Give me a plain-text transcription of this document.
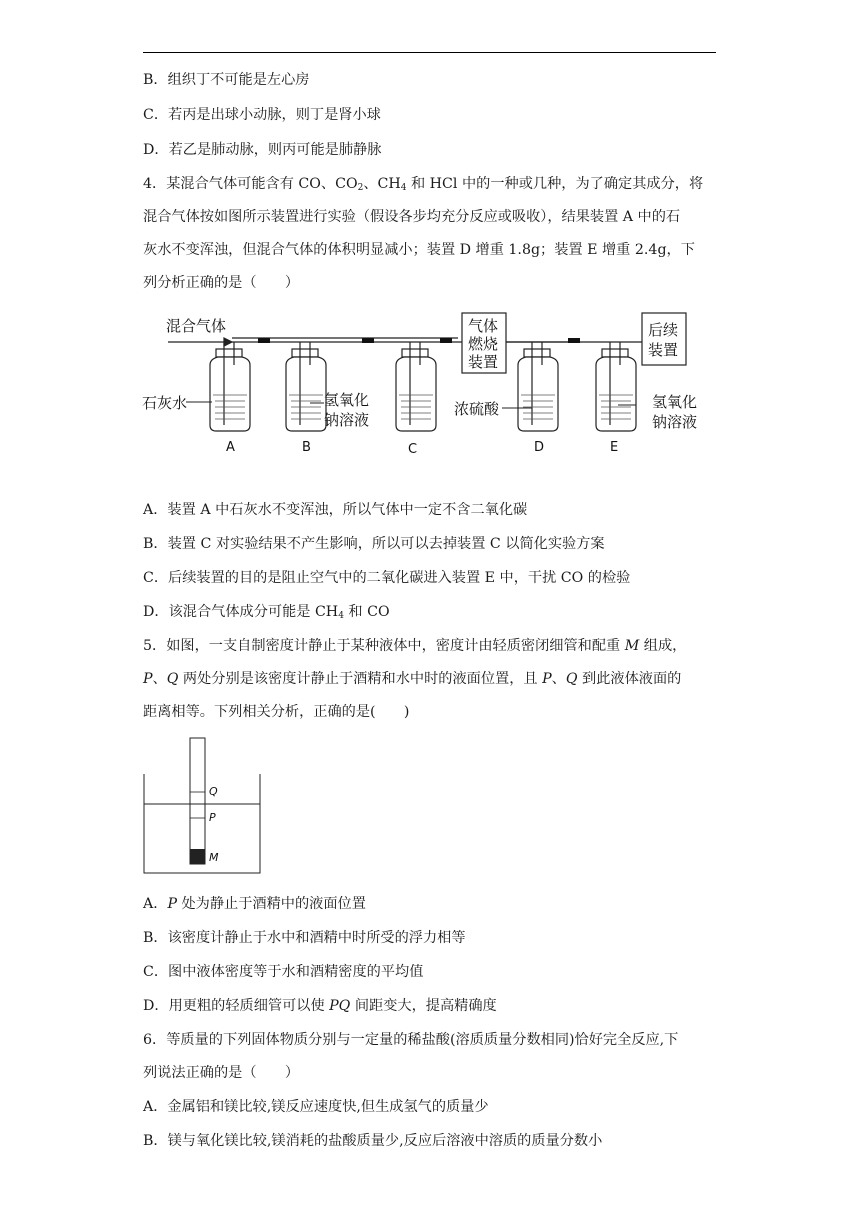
B．组织丁不可能是左心房
C．若丙是出球小动脉，则丁是肾小球
D．若乙是肺动脉，则丙可能是肺静脉
4．某混合气体可能含有 CO、$CO_2$、$CH_4$ 和 HCl 中的一种或几种，为了确定其成分，将
混合气体按如图所示装置进行实验（假设各步均充分反应或吸收），结果装置 A 中的石
灰水不变浑浊，但混合气体的体积明显减小；装置 D 增重 1.8g；装置 E 增重 2.4g，下
列分析正确的是（　　）
混合气体
石灰水	氢氧化
钠溶液
气体
燃烧
装置
浓硫酸
后续
装置
氢氧化
钠溶液
A	B	C	D	E
A．装置 A 中石灰水不变浑浊，所以气体中一定不含二氧化碳
B．装置 C 对实验结果不产生影响，所以可以去掉装置 C 以简化实验方案
C．后续装置的目的是阻止空气中的二氧化碳进入装置 E 中，干扰 CO 的检验
D．该混合气体成分可能是 $CH_4$ 和 CO
5．如图，一支自制密度计静止于某种液体中，密度计由轻质密闭细管和配重 M 组成，
P、Q 两处分别是该密度计静止于酒精和水中时的液面位置，且 P、Q 到此液体液面的
距离相等。下列相关分析，正确的是(　　)
Q
P
M
A．P 处为静止于酒精中的液面位置
B．该密度计静止于水中和酒精中时所受的浮力相等
C．图中液体密度等于水和酒精密度的平均值
D．用更粗的轻质细管可以使 PQ 间距变大，提高精确度
6．等质量的下列固体物质分别与一定量的稀盐酸(溶质质量分数相同)恰好完全反应,下
列说法正确的是（　　）
A．金属铝和镁比较,镁反应速度快,但生成氢气的质量少
B．镁与氧化镁比较,镁消耗的盐酸质量少,反应后溶液中溶质的质量分数小
